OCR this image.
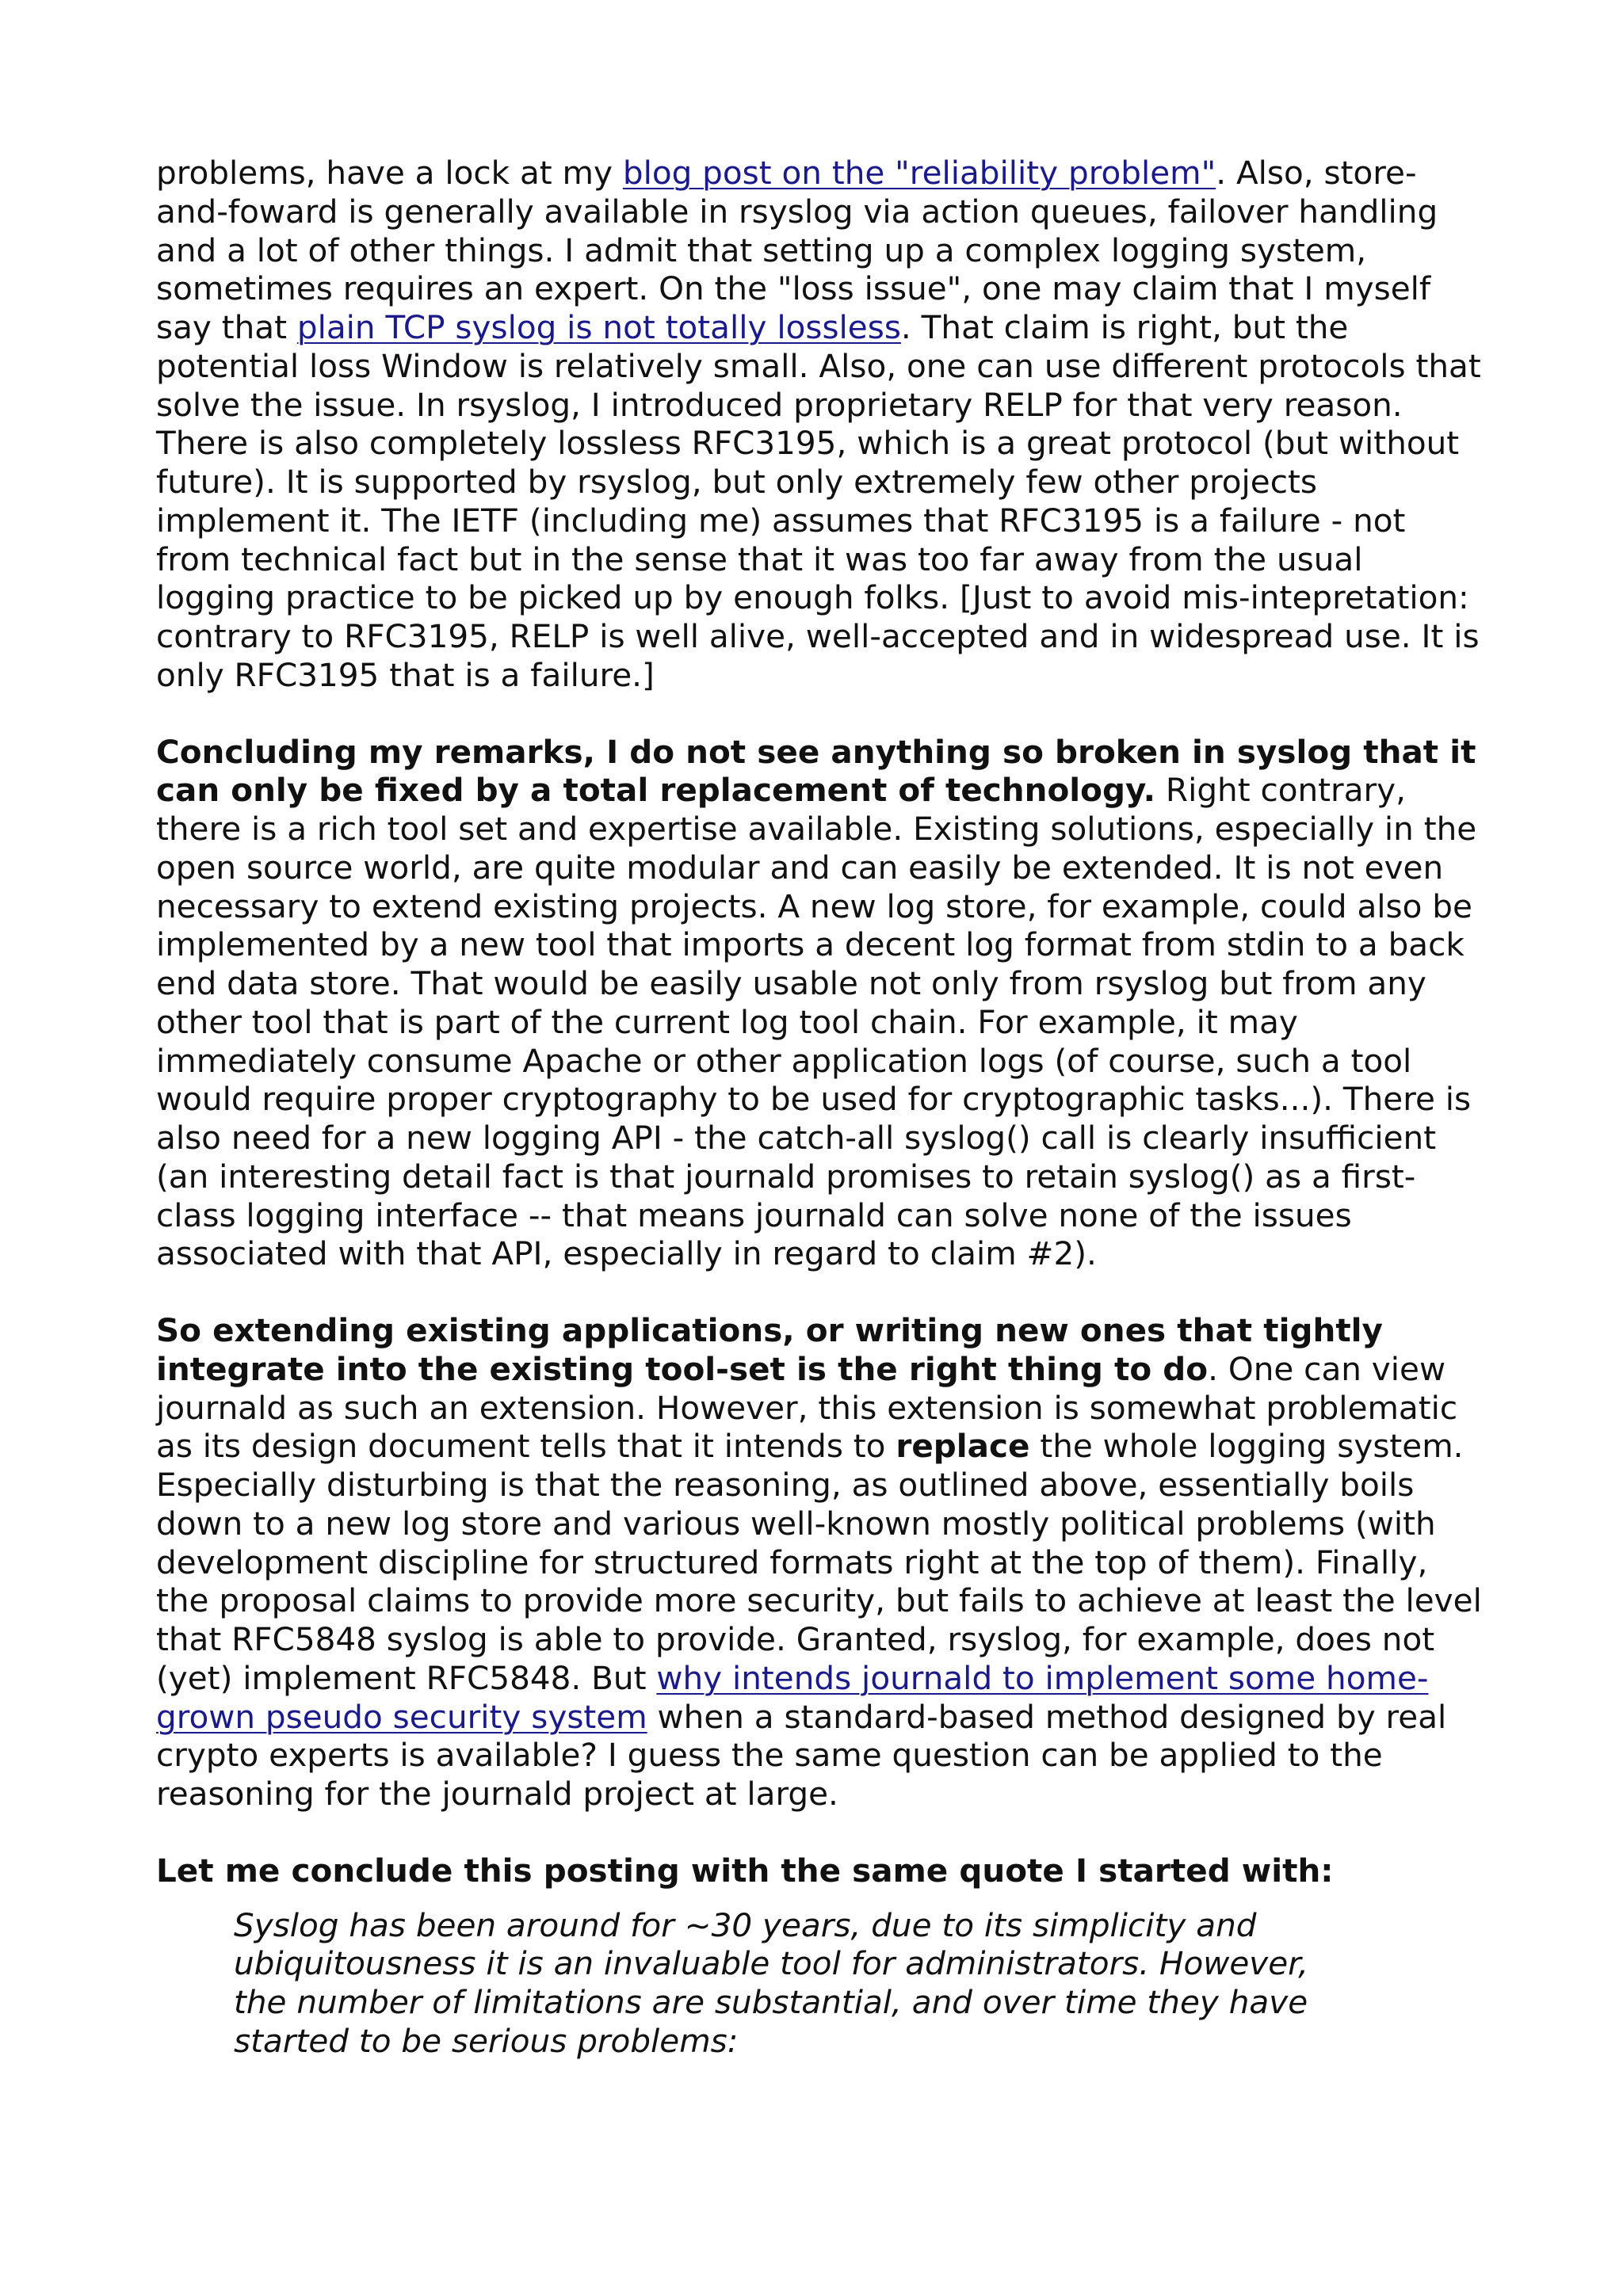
problems, have a lock at my blog post on the "reliability problem". Also, store-and-foward is generally available in rsyslog via action queues, failover handling and a lot of other things. I admit that setting up a complex logging system, sometimes requires an expert. On the "loss issue", one may claim that I myself say that plain TCP syslog is not totally lossless. That claim is right, but the potential loss Window is relatively small. Also, one can use different protocols that solve the issue. In rsyslog, I introduced proprietary RELP for that very reason. There is also completely lossless RFC3195, which is a great protocol (but without future). It is supported by rsyslog, but only extremely few other projects implement it. The IETF (including me) assumes that RFC3195 is a failure - not from technical fact but in the sense that it was too far away from the usual logging practice to be picked up by enough folks. [Just to avoid mis-intepretation: contrary to RFC3195, RELP is well alive, well-accepted and in widespread use. It is only RFC3195 that is a failure.]

Concluding my remarks, I do not see anything so broken in syslog that it can only be fixed by a total replacement of technology. Right contrary, there is a rich tool set and expertise available. Existing solutions, especially in the open source world, are quite modular and can easily be extended. It is not even necessary to extend existing projects. A new log store, for example, could also be implemented by a new tool that imports a decent log format from stdin to a back end data store. That would be easily usable not only from rsyslog but from any other tool that is part of the current log tool chain. For example, it may immediately consume Apache or other application logs (of course, such a tool would require proper cryptography to be used for cryptographic tasks...). There is also need for a new logging API - the catch-all syslog() call is clearly insufficient (an interesting detail fact is that journald promises to retain syslog() as a first-class logging interface -- that means journald can solve none of the issues associated with that API, especially in regard to claim #2).

So extending existing applications, or writing new ones that tightly integrate into the existing tool-set is the right thing to do. One can view journald as such an extension. However, this extension is somewhat problematic as its design document tells that it intends to replace the whole logging system. Especially disturbing is that the reasoning, as outlined above, essentially boils down to a new log store and various well-known mostly political problems (with development discipline for structured formats right at the top of them). Finally, the proposal claims to provide more security, but fails to achieve at least the level that RFC5848 syslog is able to provide. Granted, rsyslog, for example, does not (yet) implement RFC5848. But why intends journald to implement some home-grown pseudo security system when a standard-based method designed by real crypto experts is available? I guess the same question can be applied to the reasoning for the journald project at large.

Let me conclude this posting with the same quote I started with:

Syslog has been around for ~30 years, due to its simplicity and ubiquitousness it is an invaluable tool for administrators. However, the number of limitations are substantial, and over time they have started to be serious problems:
